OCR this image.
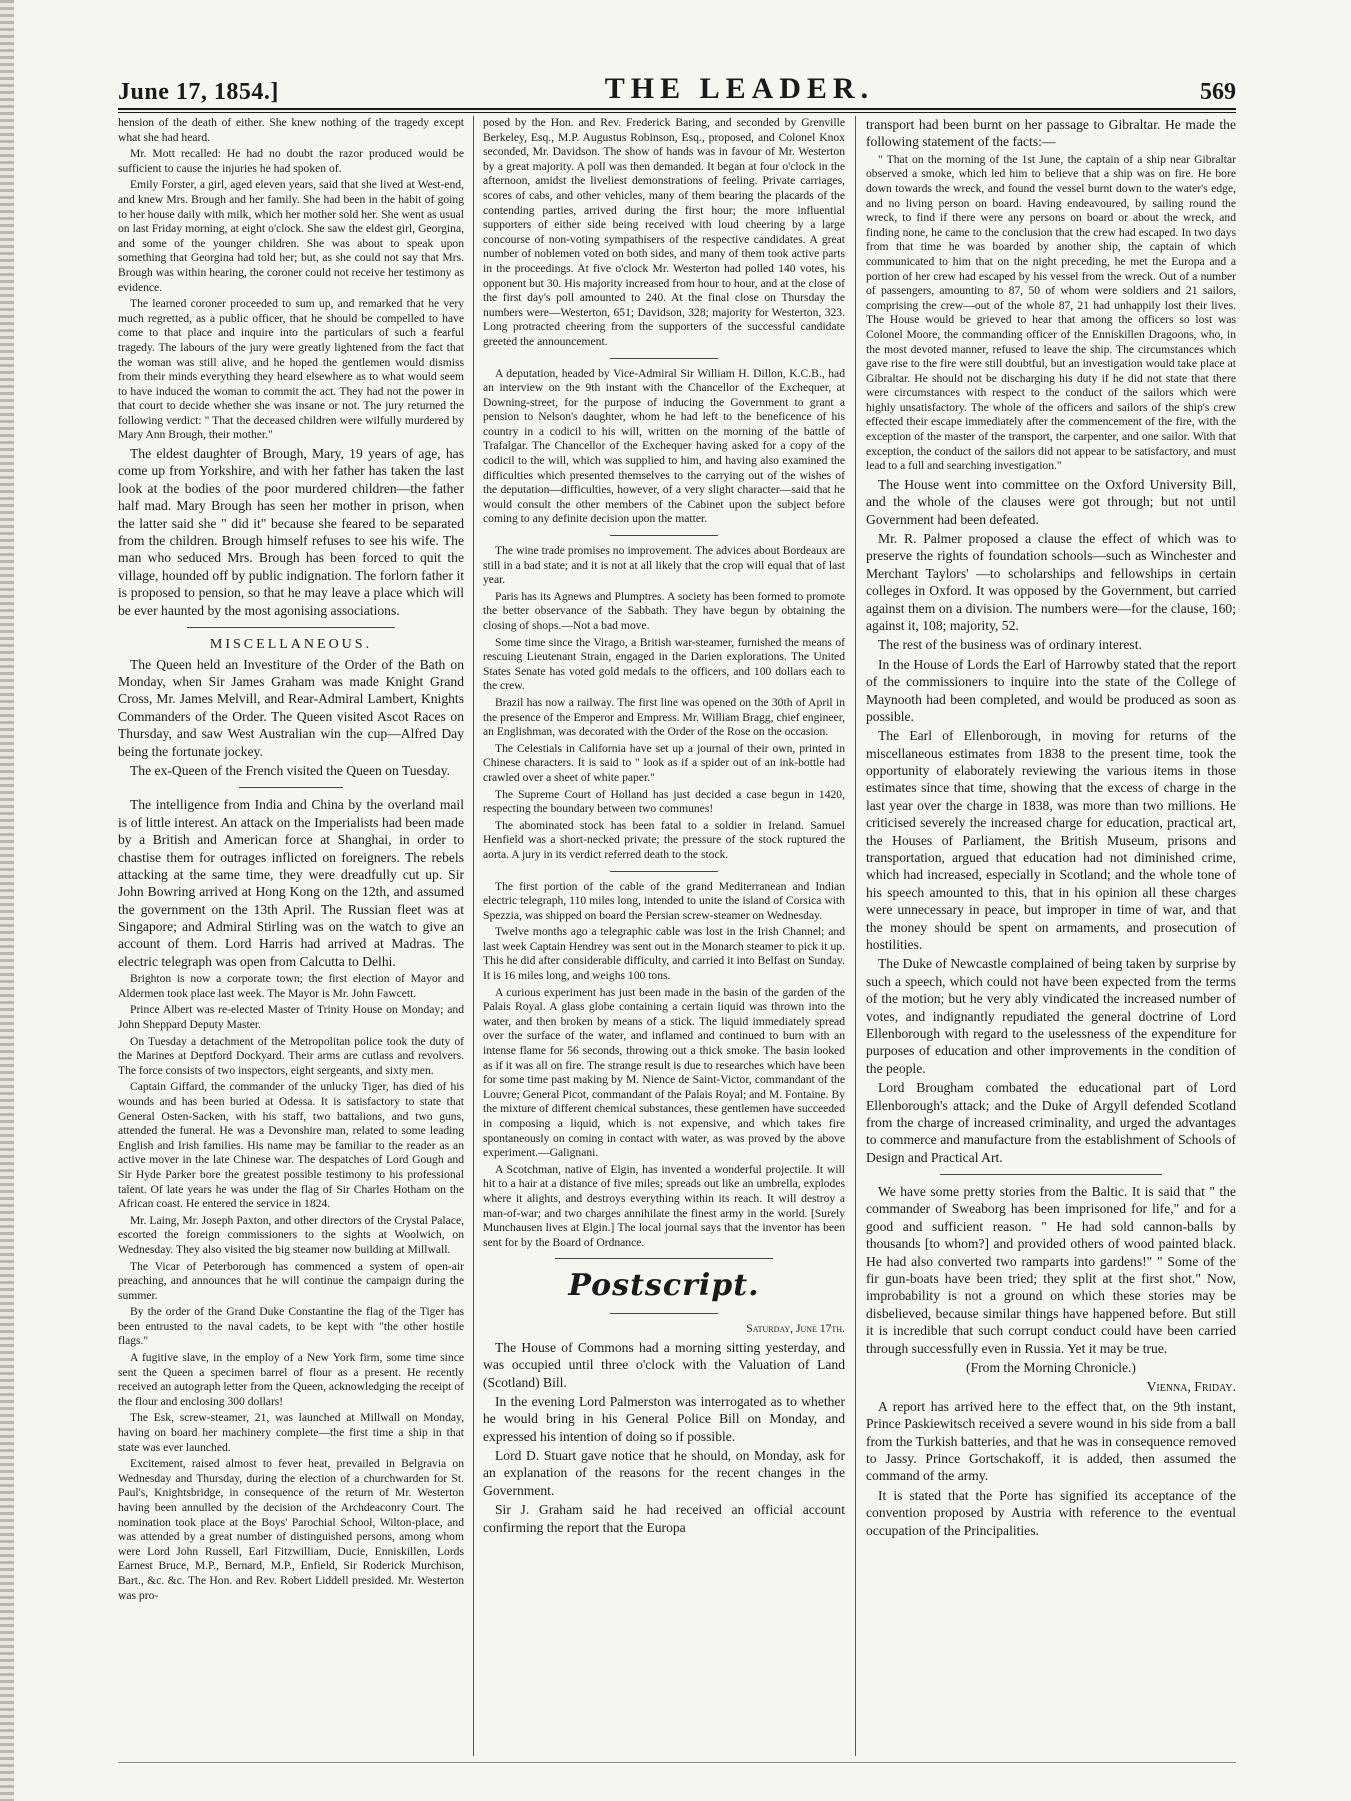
June 17, 1854.]	THE LEADER.	569

hension of the death of either. She knew nothing of the tragedy except what she had heard.

Mr. Mott recalled: He had no doubt the razor produced would be sufficient to cause the injuries he had spoken of.

Emily Forster, a girl, aged eleven years, said that she lived at West-end, and knew Mrs. Brough and her family. She had been in the habit of going to her house daily with milk, which her mother sold her. She went as usual on last Friday morning, at eight o'clock. She saw the eldest girl, Georgina, and some of the younger children. She was about to speak upon something that Georgina had told her; but, as she could not say that Mrs. Brough was within hearing, the coroner could not receive her testimony as evidence.

The learned coroner proceeded to sum up, and remarked that he very much regretted, as a public officer, that he should be compelled to have come to that place and inquire into the particulars of such a fearful tragedy. The labours of the jury were greatly lightened from the fact that the woman was still alive, and he hoped the gentlemen would dismiss from their minds everything they heard elsewhere as to what would seem to have induced the woman to commit the act. They had not the power in that court to decide whether she was insane or not. The jury returned the following verdict: " That the deceased children were wilfully murdered by Mary Ann Brough, their mother."

The eldest daughter of Brough, Mary, 19 years of age, has come up from Yorkshire, and with her father has taken the last look at the bodies of the poor murdered children—the father half mad. Mary Brough has seen her mother in prison, when the latter said she " did it" because she feared to be separated from the children. Brough himself refuses to see his wife. The man who seduced Mrs. Brough has been forced to quit the village, hounded off by public indignation. The forlorn father it is proposed to pension, so that he may leave a place which will be ever haunted by the most agonising associations.

MISCELLANEOUS.

The Queen held an Investiture of the Order of the Bath on Monday, when Sir James Graham was made Knight Grand Cross, Mr. James Melvill, and Rear-Admiral Lambert, Knights Commanders of the Order. The Queen visited Ascot Races on Thursday, and saw West Australian win the cup—Alfred Day being the fortunate jockey.

The ex-Queen of the French visited the Queen on Tuesday.

The intelligence from India and China by the overland mail is of little interest. An attack on the Imperialists had been made by a British and American force at Shanghai, in order to chastise them for outrages inflicted on foreigners. The rebels attacking at the same time, they were dreadfully cut up. Sir John Bowring arrived at Hong Kong on the 12th, and assumed the government on the 13th April. The Russian fleet was at Singapore; and Admiral Stirling was on the watch to give an account of them. Lord Harris had arrived at Madras. The electric telegraph was open from Calcutta to Delhi.

Brighton is now a corporate town; the first election of Mayor and Aldermen took place last week. The Mayor is Mr. John Fawcett.

Prince Albert was re-elected Master of Trinity House on Monday; and John Sheppard Deputy Master.

On Tuesday a detachment of the Metropolitan police took the duty of the Marines at Deptford Dockyard. Their arms are cutlass and revolvers. The force consists of two inspectors, eight sergeants, and sixty men.

Captain Giffard, the commander of the unlucky Tiger, has died of his wounds and has been buried at Odessa. It is satisfactory to state that General Osten-Sacken, with his staff, two battalions, and two guns, attended the funeral. He was a Devonshire man, related to some leading English and Irish families. His name may be familiar to the reader as an active mover in the late Chinese war. The despatches of Lord Gough and Sir Hyde Parker bore the greatest possible testimony to his professional talent. Of late years he was under the flag of Sir Charles Hotham on the African coast. He entered the service in 1824.

Mr. Laing, Mr. Joseph Paxton, and other directors of the Crystal Palace, escorted the foreign commissioners to the sights at Woolwich, on Wednesday. They also visited the big steamer now building at Millwall.

The Vicar of Peterborough has commenced a system of open-air preaching, and announces that he will continue the campaign during the summer.

By the order of the Grand Duke Constantine the flag of the Tiger has been entrusted to the naval cadets, to be kept with "the other hostile flags."

A fugitive slave, in the employ of a New York firm, some time since sent the Queen a specimen barrel of flour as a present. He recently received an autograph letter from the Queen, acknowledging the receipt of the flour and enclosing 300 dollars!

The Esk, screw-steamer, 21, was launched at Millwall on Monday, having on board her machinery complete—the first time a ship in that state was ever launched.

Excitement, raised almost to fever heat, prevailed in Belgravia on Wednesday and Thursday, during the election of a churchwarden for St. Paul's, Knightsbridge, in consequence of the return of Mr. Westerton having been annulled by the decision of the Archdeaconry Court. The nomination took place at the Boys' Parochial School, Wilton-place, and was attended by a great number of distinguished persons, among whom were Lord John Russell, Earl Fitzwilliam, Ducie, Enniskillen, Lords Earnest Bruce, M.P., Bernard, M.P., Enfield, Sir Roderick Murchison, Bart., &c. &c. The Hon. and Rev. Robert Liddell presided. Mr. Westerton was pro-

posed by the Hon. and Rev. Frederick Baring, and seconded by Grenville Berkeley, Esq., M.P. Augustus Robinson, Esq., proposed, and Colonel Knox seconded, Mr. Davidson. The show of hands was in favour of Mr. Westerton by a great majority. A poll was then demanded. It began at four o'clock in the afternoon, amidst the liveliest demonstrations of feeling. Private carriages, scores of cabs, and other vehicles, many of them bearing the placards of the contending parties, arrived during the first hour; the more influential supporters of either side being received with loud cheering by a large concourse of non-voting sympathisers of the respective candidates. A great number of noblemen voted on both sides, and many of them took active parts in the proceedings. At five o'clock Mr. Westerton had polled 140 votes, his opponent but 30. His majority increased from hour to hour, and at the close of the first day's poll amounted to 240. At the final close on Thursday the numbers were—Westerton, 651; Davidson, 328; majority for Westerton, 323. Long protracted cheering from the supporters of the successful candidate greeted the announcement.

A deputation, headed by Vice-Admiral Sir William H. Dillon, K.C.B., had an interview on the 9th instant with the Chancellor of the Exchequer, at Downing-street, for the purpose of inducing the Government to grant a pension to Nelson's daughter, whom he had left to the beneficence of his country in a codicil to his will, written on the morning of the battle of Trafalgar. The Chancellor of the Exchequer having asked for a copy of the codicil to the will, which was supplied to him, and having also examined the difficulties which presented themselves to the carrying out of the wishes of the deputation—difficulties, however, of a very slight character—said that he would consult the other members of the Cabinet upon the subject before coming to any definite decision upon the matter.

The wine trade promises no improvement. The advices about Bordeaux are still in a bad state; and it is not at all likely that the crop will equal that of last year.

Paris has its Agnews and Plumptres. A society has been formed to promote the better observance of the Sabbath. They have begun by obtaining the closing of shops.—Not a bad move.

Some time since the Virago, a British war-steamer, furnished the means of rescuing Lieutenant Strain, engaged in the Darien explorations. The United States Senate has voted gold medals to the officers, and 100 dollars each to the crew.

Brazil has now a railway. The first line was opened on the 30th of April in the presence of the Emperor and Empress. Mr. William Bragg, chief engineer, an Englishman, was decorated with the Order of the Rose on the occasion.

The Celestials in California have set up a journal of their own, printed in Chinese characters. It is said to " look as if a spider out of an ink-bottle had crawled over a sheet of white paper."

The Supreme Court of Holland has just decided a case begun in 1420, respecting the boundary between two communes!

The abominated stock has been fatal to a soldier in Ireland. Samuel Henfield was a short-necked private; the pressure of the stock ruptured the aorta. A jury in its verdict referred death to the stock.

The first portion of the cable of the grand Mediterranean and Indian electric telegraph, 110 miles long, intended to unite the island of Corsica with Spezzia, was shipped on board the Persian screw-steamer on Wednesday.

Twelve months ago a telegraphic cable was lost in the Irish Channel; and last week Captain Hendrey was sent out in the Monarch steamer to pick it up. This he did after considerable difficulty, and carried it into Belfast on Sunday. It is 16 miles long, and weighs 100 tons.

A curious experiment has just been made in the basin of the garden of the Palais Royal. A glass globe containing a certain liquid was thrown into the water, and then broken by means of a stick. The liquid immediately spread over the surface of the water, and inflamed and continued to burn with an intense flame for 56 seconds, throwing out a thick smoke. The basin looked as if it was all on fire. The strange result is due to researches which have been for some time past making by M. Nience de Saint-Victor, commandant of the Louvre; General Picot, commandant of the Palais Royal; and M. Fontaine. By the mixture of different chemical substances, these gentlemen have succeeded in composing a liquid, which is not expensive, and which takes fire spontaneously on coming in contact with water, as was proved by the above experiment.—Galignani.

A Scotchman, native of Elgin, has invented a wonderful projectile. It will hit to a hair at a distance of five miles; spreads out like an umbrella, explodes where it alights, and destroys everything within its reach. It will destroy a man-of-war; and two charges annihilate the finest army in the world. [Surely Munchausen lives at Elgin.] The local journal says that the inventor has been sent for by the Board of Ordnance.

Postscript.
Saturday, June 17th.

The House of Commons had a morning sitting yesterday, and was occupied until three o'clock with the Valuation of Land (Scotland) Bill.

In the evening Lord Palmerston was interrogated as to whether he would bring in his General Police Bill on Monday, and expressed his intention of doing so if possible.

Lord D. Stuart gave notice that he should, on Monday, ask for an explanation of the reasons for the recent changes in the Government.

Sir J. Graham said he had received an official account confirming the report that the Europa

transport had been burnt on her passage to Gibraltar. He made the following statement of the facts:—

" That on the morning of the 1st June, the captain of a ship near Gibraltar observed a smoke, which led him to believe that a ship was on fire. He bore down towards the wreck, and found the vessel burnt down to the water's edge, and no living person on board. Having endeavoured, by sailing round the wreck, to find if there were any persons on board or about the wreck, and finding none, he came to the conclusion that the crew had escaped. In two days from that time he was boarded by another ship, the captain of which communicated to him that on the night preceding, he met the Europa and a portion of her crew had escaped by his vessel from the wreck. Out of a number of passengers, amounting to 87, 50 of whom were soldiers and 21 sailors, comprising the crew—out of the whole 87, 21 had unhappily lost their lives. The House would be grieved to hear that among the officers so lost was Colonel Moore, the commanding officer of the Enniskillen Dragoons, who, in the most devoted manner, refused to leave the ship. The circumstances which gave rise to the fire were still doubtful, but an investigation would take place at Gibraltar. He should not be discharging his duty if he did not state that there were circumstances with respect to the conduct of the sailors which were highly unsatisfactory. The whole of the officers and sailors of the ship's crew effected their escape immediately after the commencement of the fire, with the exception of the master of the transport, the carpenter, and one sailor. With that exception, the conduct of the sailors did not appear to be satisfactory, and must lead to a full and searching investigation."

The House went into committee on the Oxford University Bill, and the whole of the clauses were got through; but not until Government had been defeated.

Mr. R. Palmer proposed a clause the effect of which was to preserve the rights of foundation schools—such as Winchester and Merchant Taylors' —to scholarships and fellowships in certain colleges in Oxford. It was opposed by the Government, but carried against them on a division. The numbers were—for the clause, 160; against it, 108; majority, 52.

The rest of the business was of ordinary interest.

In the House of Lords the Earl of Harrowby stated that the report of the commissioners to inquire into the state of the College of Maynooth had been completed, and would be produced as soon as possible.

The Earl of Ellenborough, in moving for returns of the miscellaneous estimates from 1838 to the present time, took the opportunity of elaborately reviewing the various items in those estimates since that time, showing that the excess of charge in the last year over the charge in 1838, was more than two millions. He criticised severely the increased charge for education, practical art, the Houses of Parliament, the British Museum, prisons and transportation, argued that education had not diminished crime, which had increased, especially in Scotland; and the whole tone of his speech amounted to this, that in his opinion all these charges were unnecessary in peace, but improper in time of war, and that the money should be spent on armaments, and prosecution of hostilities.

The Duke of Newcastle complained of being taken by surprise by such a speech, which could not have been expected from the terms of the motion; but he very ably vindicated the increased number of votes, and indignantly repudiated the general doctrine of Lord Ellenborough with regard to the uselessness of the expenditure for purposes of education and other improvements in the condition of the people.

Lord Brougham combated the educational part of Lord Ellenborough's attack; and the Duke of Argyll defended Scotland from the charge of increased criminality, and urged the advantages to commerce and manufacture from the establishment of Schools of Design and Practical Art.

We have some pretty stories from the Baltic. It is said that " the commander of Sweaborg has been imprisoned for life," and for a good and sufficient reason. " He had sold cannon-balls by thousands [to whom?] and provided others of wood painted black. He had also converted two ramparts into gardens!" " Some of the fir gun-boats have been tried; they split at the first shot." Now, improbability is not a ground on which these stories may be disbelieved, because similar things have happened before. But still it is incredible that such corrupt conduct could have been carried through successfully even in Russia. Yet it may be true.

(From the Morning Chronicle.)

Vienna, Friday.

A report has arrived here to the effect that, on the 9th instant, Prince Paskiewitsch received a severe wound in his side from a ball from the Turkish batteries, and that he was in consequence removed to Jassy. Prince Gortschakoff, it is added, then assumed the command of the army.

It is stated that the Porte has signified its acceptance of the convention proposed by Austria with reference to the eventual occupation of the Principalities.
